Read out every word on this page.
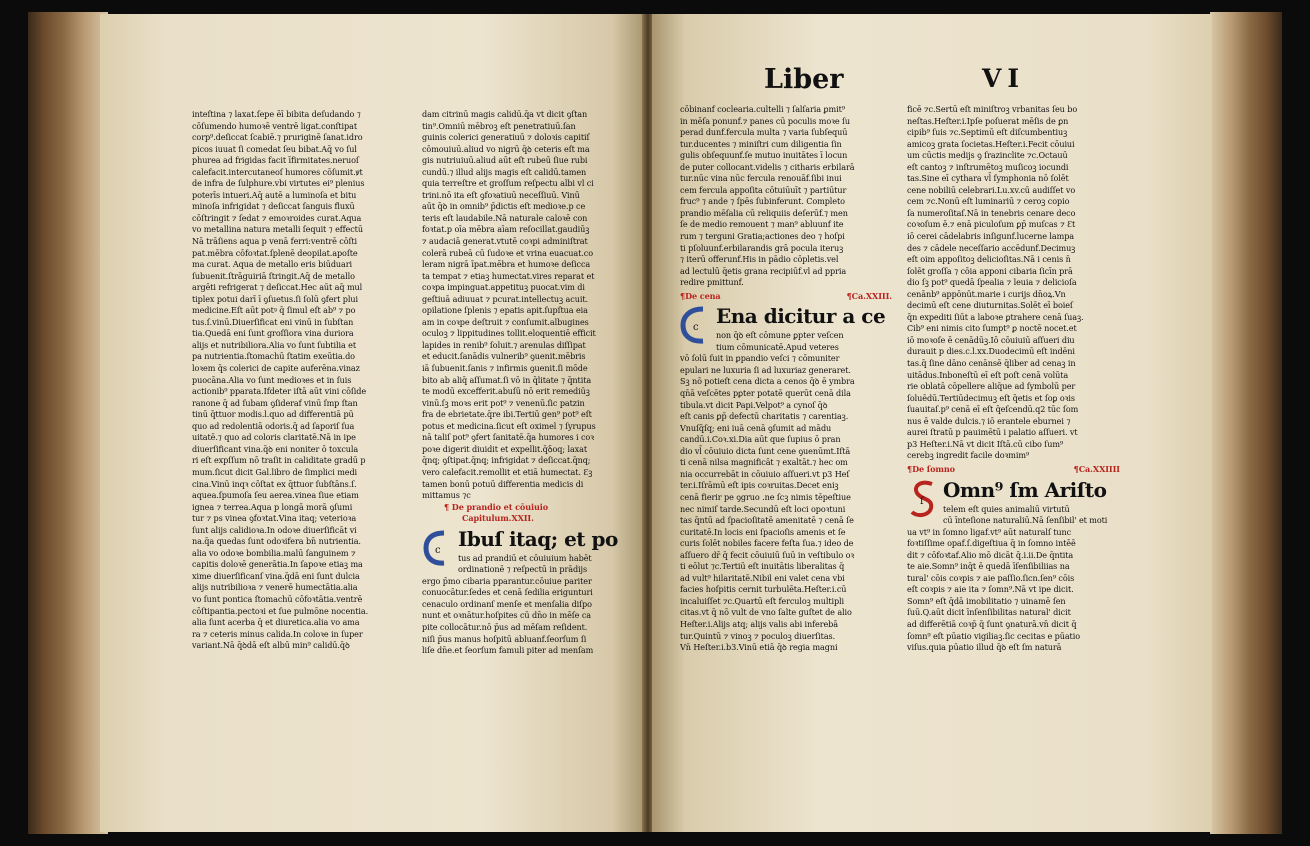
inteſtina ⁊ laxat.ſepe ēī bibita deſudando ⁊

cōſumendo humoꝛē ventrē ligat.conſtipat

corp⁹.deſiccat ſcabiē.⁊ pruriginē ſanat.idro

picos iuuat ſi comedat ſeu bibat.Aq̄ vo ſul

phurea ad frigidas facit īfirmitates.neruoſ

calefacit.intercutaneoſ humores cōſumit.ꝟt

de infra de ſulphure.vbi virtutes ei⁹ plenius

poterīs intueri.Aq̄ autē a luminoſa et bitu

minoſa infrigidat ⁊ deſiccat ſanguis fluxū

cōſtringit ⁊ ſedat ⁊ emoꝛroides curat.Aqua

vo metallina natura metalli ſequit ⁊ effectū

Nā trāſiens aqua p venā ferri:ventrē cōſti

pat.mēbra cōfoꝛtat.ſplenē deopilat.apoſte

ma curat. Aqua de metallo eris biūduari

ſubuenit.ſtrāguiriā ſtringit.Aq̄ de metallo

argēti refrigerat ⁊ deſiccat.Hec aūt aq̄ mul

tiplex potui darī ī ꝯſuetus.ſi ſolū ꝯfert plui

medicine.Eſt aūt potꝰ q̄ ſimul eſt ab⁹ ⁊ po

tus.ſ.vinū.Diuerſificat eni vinū in ſubſtan

tia.Quedā eni ſunt groſſiora vina duriora

alijs et nutribiliora.Alia vo ſunt ſubtilia et

pa nutrientia.ſtomachū ſtatim exeūtia.do

loꝛem q̄s colerici de capite auferēna.vinaz

puocāna.Alia vo ſunt medioꝛes et in ſuis

actionib⁹ pparata.Ifdeter iſtā aūt vini cōſide

ranone q̄ ad ſubam ꝯſideraf vinū ſmp ſtan

tinū q̄ttuor modis.l.quo ad differentiā pū

quo ad redolentiā odoris.q̄ ad ſaporiſ ſua

uitatē.⁊ quo ad coloris claritatē.Nā in ipe

diuerſificant vina.q̄ꝺ eni noniter ō toxcula

ri eſt expſſum nō traſit in caliditate gradū p

mum.ſicut dicit Gal.libro de ſimplici medi

cina.Vinū inqꝛ cōſtat ex q̄ttuor ſubſtāns.ſ.

aquea.ſpumoſa ſeu aerea.vinea ſiue etiam

ignea ⁊ terrea.Aqua p longā morā ꝯſumi

tur ⁊ ps vinea ꝯfoꝛtat.Vina itaq; veterioꝛa

ſunt alijs calidioꝛa.In odoꝛe diuerſificāt vi

na.q̄a quedas ſunt odoꝛifera bn̄ nutrientia.

alia vo odoꝛe bombilia.malū ſanguinem ⁊

capitis doloꝛē generātia.In ſapoꝛe etiaꝫ ma

xime diuerſificanſ vina.q̄dā eni ſunt dulcia

alijs nutribilioꝛa ⁊ venerē humectātia.alia

vo ſunt pontica ſtomachū cōfoꝛtātia.ventrē

cōſtipantia.pectoꝛi et ſue pulmōne nocentia.

alia ſunt acerba q̄ et diuretica.alia vo ama

ra ⁊ ceteris minus calida.In coloꝛe in ſuper

variant.Nā q̄ꝺdā eſt albū min⁹ calidū.q̄ꝺ

dam citrinū magis calidū.q̄a vt dicit ꝯſtan

tin⁹.Omniū mēbroꝫ eſt penetratiuū.ſan

guinis colerici generatiuū ⁊ doloꝛis capitiſ

cōmouiuū.aliud vo nigrū q̄ꝺ ceteris eſt ma

gis nutriuiuū.aliud aūt eſt rubeū ſiue rubi

cundū.⁊ illud alijs magis eſt calidū.tamen

quia terreſtre et groſſum reſpectu albi vl ci

trini.nō ita eſt ꝯfoꝛatiuū neceſſiuū. Vinū

aūt q̄ꝺ in omnib⁹ p̄dictis eſt medioꝛe.p ce

teris eſt laudabile.Nā naturale caloꝛē con

foꝛtat.p oīa mēbra aīam reſocillat.gaudiūꝫ

⁊ audaciā generat.vtutē coꝛpi adminiſtrat

colerā rubeā cū ſudoꝛe et vrina euacuat.co

leram nigrā īpat.mēbra et humoꝛe deſicca

ta tempat ⁊ etiaꝫ humectat.vires reparat et

coꝛpa impinguat.appetituꝫ puocat.vim di

geſtiuā adiuuat ⁊ pcurat.intellectuꝫ acuit.

opilatione ſplenis ⁊ epatis apit.ſupſtua eia

am in coꝛpe deſtruit ⁊ conſumit.albugines

oculoꝫ ⁊ lippitudines tollit.eloquentiē efficit

lapides in renib⁹ ſoluit.⁊ arenulas diſſipat

et educit.ſanādis vulnerib⁹ ꝯuenit.mēbris

iā ſubuenit.ſanis ⁊ infirmis ꝯuenit.ſi mōde

bito ab aliq̄ aſſumat.ſi vō in q̄litate ⁊ q̄ntita

te modū excefferit.abuſū nō erit remediūꝫ

vinū.ſꝫ moꝛs erit pot⁹ ⁊ venenū.ſic patzin

fra de ebrietate.q̄re ibi.Tertiū gen⁹ pot⁹ eſt

potus et medicina.ſicut eſt oximel ⁊ ſyrupus

nā taliſ pot⁹ ꝯfert ſanitatē.q̄a humores i coꝛ

poꝛe digerit diuidit et expellit.q̄ꝺ̄oq; laxat

q̄nq; ꝯſtipat.q̄nq; infrigidat ⁊ deſiccat.q̄nq;

vero calefacit.remollit et etiā humectat. Ɛꝫ

tamen bonū potuū differentia medicis di

mittamus ⁊c

¶ De prandio et cōuiuio

Capitulum.XXII.

c Ibuſ itaq; et po

tus ad prandiū et cōuiuium habēt

ordinationē ⁊ reſpectū in prādijs

ergo p̄mo cibaria pparantur.cōuiue pariter

conuocātur.ſedes et cenā ſedilia erigunturi

cenaculo ordinanſ menſe et menſalia diſpo

nunt et oꝛnātur.hoſpites cū dn̄o in mēſe ca

pite collocātur.nō p̄us ad mēſam reſident.

niſi p̄us manus hoſpitū abluanf.ſeorſum ſi

liſe dn̄e.et ſeorſum famuli piter ad menſam

Liber	VI

cōbinanf coclearia.cultelli ⁊ ſalſaria ꝑmit⁹

in mēſa ponunf.⁊ panes cū poculis moꝛe ſu

perad dunf.fercula multa ⁊ varia ſubſequū

tur.ducentes ⁊ miniſtri cum diligentia ſin

gulis obſequunf.ſe mutuo inuitātes ī locun

de puter collocant.videlis ⁊ citharis erbilarā

tur.nūc vina nūc fercula renouāf.ſibi inui

cem fercula appoſita cōtuiūuīt ⁊ partiūtur

fruc⁹ ⁊ ande ⁊ ſpēs ſubinferunt. Completo

prandio mēſalia cū reliquiis deſerūf.⁊ men

ſe de medio remouent ⁊ man⁹ abluunf ite

rum ⁊ terguni Gratia;actiones deo ⁊ hoſpi

ti pſoluunf.erbilarandis grā pocula iteruꝫ

⁊ iterū offerunf.His in pādio cōpletis.vel

ad lectulū q̄etis grana recipiūf.vl ad ppria

redire pmittunf.

¶De cena	¶Ca.XXIII.
c Ena dicitur a ce

non q̄ꝺ eſt cōmune ꝑpter veſcen

tium cōmunicatē.Apud veteres

vō ſolū ſuit in ꝑpandio veſci ⁊ cōmuniter

epulari ne luxuria ſi ad luxuriaz generaret.

Sꝫ nō potieſt cena dicta a cenos q̄ꝺ ē ymbra

qn̄ā veſcētes pꝑter potatē querūt cenā dila

tibula.vt dicit Papi.Velpot⁹ a cynoſ q̄ꝺ

eſt canis ꝑp̄ defectū charitatis ⁊ carentiaꝫ.

Vnuſq̄ſq; eni iuā cenā ꝯſumit ad mādu

candū.i.Coꝛ.xi.Dia aūt que ſupius ō pran

dio vl̄ cōuiuio dicta ſunt cene ꝯuenūmt.Iſtā

ti cenā nilsa magnificāt ⁊ exaltāt.⁊ hec om

nia occurrebāt in cōuiuio aſſueri.vt p3 Heſ

ter.i.Iſrāmū eſt ipis coꝛruitas.Decet eniꝫ

cenā fierir pe ꝯgruo .ne ſcꝫ nimis tēpeſtiue

nec nimiſ tarde.Secundū eſt loci opoꝛtuni

tas q̄ntū ad ſpacioſitatē amenitatē ⁊ cenā ſe

curitatē.In locis eni ſpacioſis amenis et ſe

curis ſolēt nobiles facere feſta ſua.⁊ ideo de

aſſuero dr̄ q̄ fecit cōuiuiū ſuū in veſtibulo oꝛ

ti eōlut ⁊c.Tertiū eſt inuitātis liberalitas q̄

ad vult⁹ hilaritatē.Nibil eni valet cena vbi

facies hoſpitis cernit turbulēta.Heſter.i.cū

incaluiſſet ⁊c.Quartū eſt ferculoꝫ multipli

citas.vt q̄ nō vult de vno ſalte guſtet de alio

Heſter.i.Alijs atq; alijs valis abi inferebā

tur.Quintū ⁊ vinoꝫ ⁊ poculoꝫ diuerſitas.

Vn̄ Heſter.i.b3.Vinū etiā q̄ꝺ regia magni

ficē ⁊c.Sertū eſt miniſtroꝫ vrbanitas ſeu bo

neſtas.Heſter.i.Ipſe poſuerat mēſis de ꝑn

cipib⁹ ſuis ⁊c.Septimū eſt diſcumbentiuꝫ

amicoꝫ grata ſocietas.Heſter.i.Fecit cōuiui

um cūctis medijs ꝯ ſrazinclite ⁊c.Octauū

eſt cantoꝫ ⁊ inſtrumētoꝫ muſicoꝫ iocundi

tas.Sine eī cythara vl̄ ſymphonia nō ſolēt

cene nobiliū celebrari.Lu.xv.cū audiſſet vo

cem ⁊c.Nonū eſt luminariū ⁊ ceroꝫ copio

ſa numeroſitaſ.Nā in tenebris cenare deco

coꝛoſum ē.⁊ enā piculoſum ꝑp̄ muſcas ⁊ Ɛt

iō cerei cādelabris inſigunf.lucerne lampa

des ⁊ cādele neceſſario accēdunf.Decimuꝫ

eſt oim appoſitoꝫ delicioſitas.Nā i cenis n̄

ſolēt groſſa ⁊ cōia apponi cibaria ſicīn prā

dio ſꝫ pot⁹ quedā ſpealia ⁊ leuia ⁊ delicioſa

cenānb⁹ appōnūt.marie i curijs dn̄oꝝ.Vn

decimū eſt cene diuturnitas.Solēt eī boieſ

q̄n expediti ſiūt a laboꝛe ꝑtrahere cenā ſuaꝫ.

Cib⁹ eni nimis cito ſumpt⁹ ꝑ noctē nocet.et

iō moꝛoſe ē cenādūꝫ.Iō cōuiuiū aſſueri diu

durauit p dies.c.l.xx.Duodecimū eſt indēni

tas.q̄ ſine dāno cenānsē q̄liber ad cenaꝫ in

uitādus.Inboneſtū eī eſt poſt cenā volūta

rie oblatā cōpellere aliq̄ue ad ſymbolū per

ſoluēdū.Tertiūdecimuꝫ eſt q̄etis et ſoꝑ oꝛis

ſuauitaſ.p⁹ cenā eī eſt q̄eſcendū.q2 tūc ſom

nus ē valde dulcis.⁊ iō erantele eburnei ⁊

aurei ſtratū p pauimētū i palatio aſſueri. vt

p3 Heſter.i.Nā vt dicit Iſtā.cū cibo ſum⁹

cerebꝫ ingredit facile doꝛmim⁹

¶De ſomno	¶Ca.XXIIII
ſ Omn⁹ ſm Ariſto

telem eſt quies animaliū virtutū

cū īnteſione naturaliū.Nā ſenſibil' et moti

ua vt⁹ in ſomno ligaf.vt⁹ aūt naturalſ tunc

foꝛtiſſime opaf.ſ.digeſtiua q̄ in ſomno intēē

dit ⁊ cōfoꝛtaf.Alio mō dicāt q̄.i.ii.De q̄ntita

te aie.Somn⁹ inq̄t ē quedā īſenſibiliias na

tural' cōis coꝛpis ⁊ aie paſſio.ſicn.ſen⁹ cōis

eſt coꝛpis ⁊ aie ita ⁊ ſomn⁹.Nā vt ipe dicit.

Somn⁹ eſt q̄dā imobilitatio ⁊ uinamē ſen

ſuū.Q.aūt dicit īnſenſibilitas natural' dicit

ad differētiā coꝛp̄ q̄ ſunt ꝯnaturā.vn̄ dicit q̄

ſomn⁹ eſt pūatio vigiliaꝫ.ſic cecitas e pūatio

viſus.quia pūatio illud q̄ꝺ eſt ſm naturā
